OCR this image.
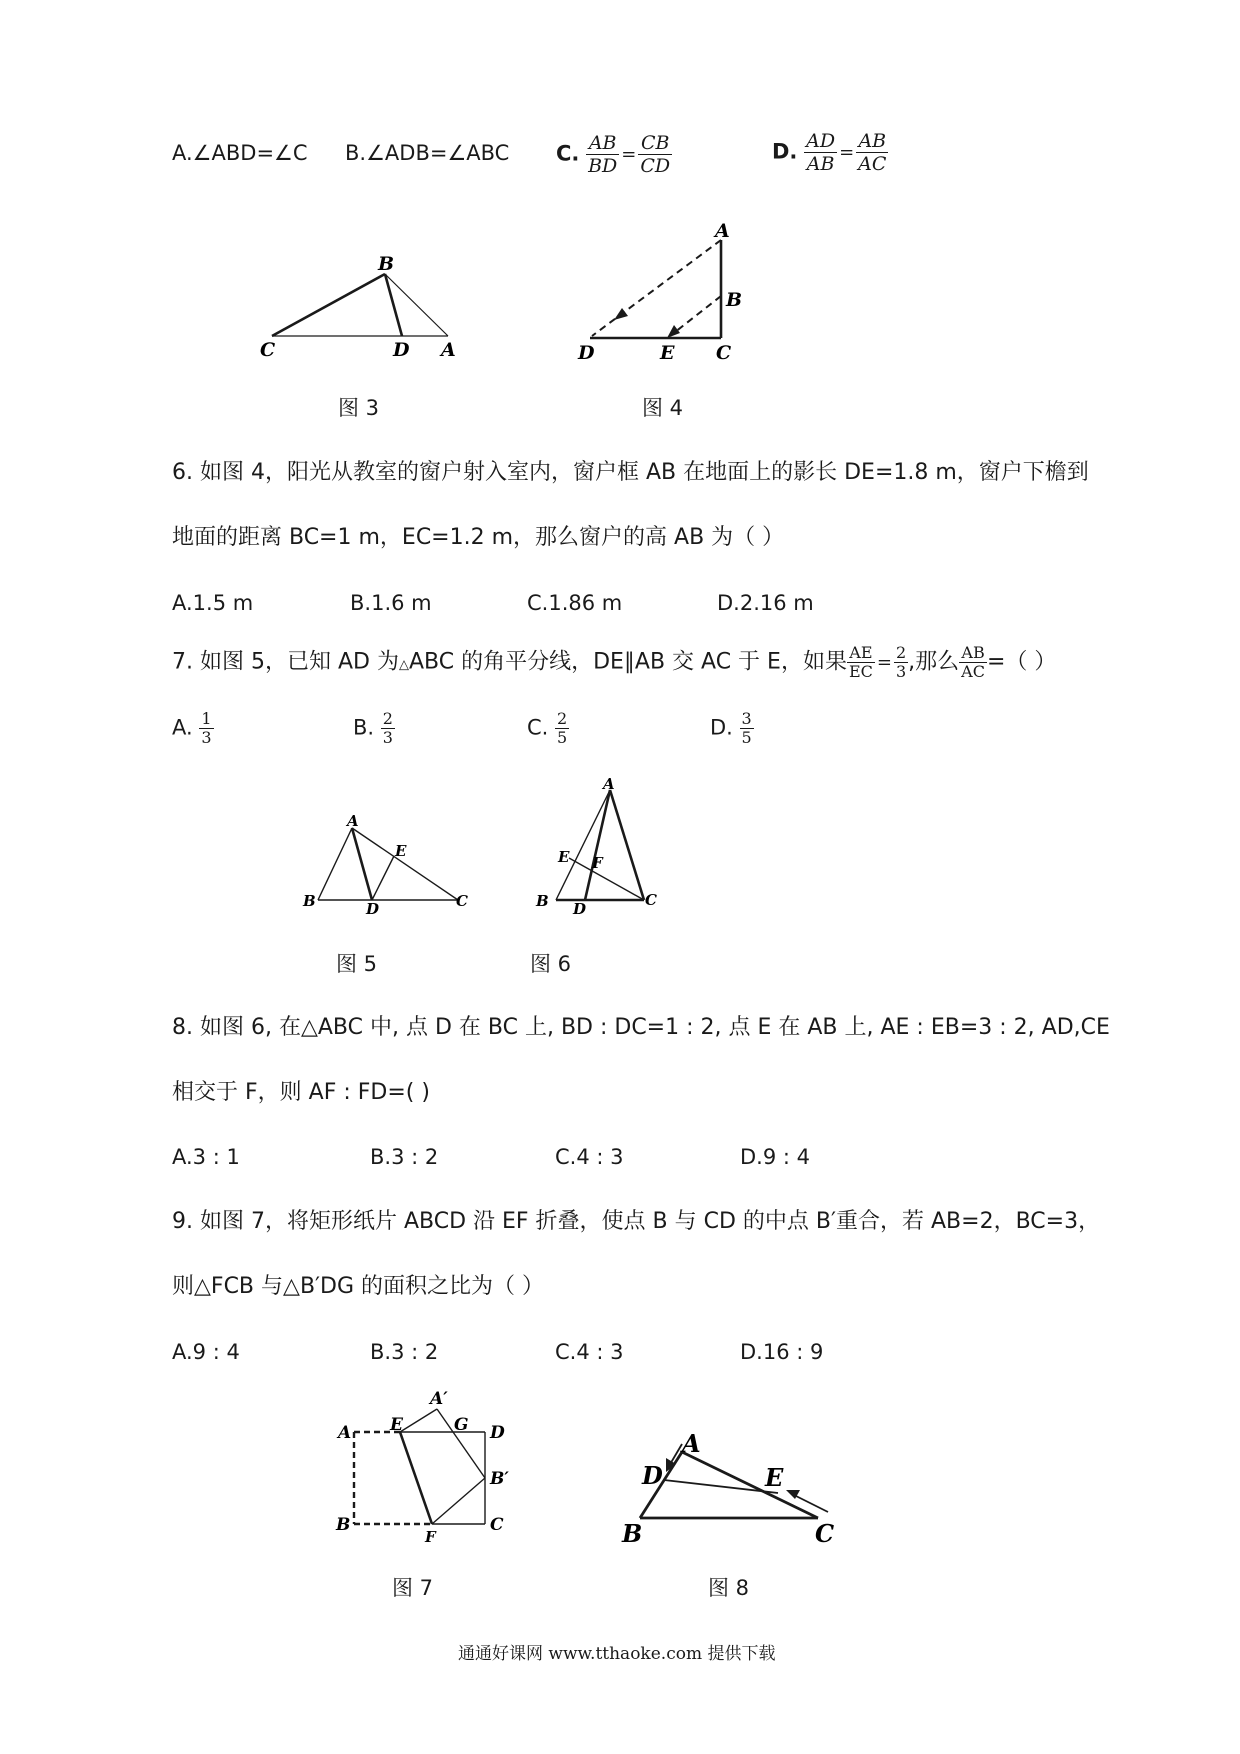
A.∠ABD=∠C B.∠ADB=∠ABC C. $\frac{AB}{BD} = \frac{CB}{CD}$	D. $\frac{AD}{AB} = \frac{AB}{AC}$
B
C	D A
图 3
A
B
C
D	E
图 4
6. 如图 4，阳光从教室的窗户射入室内，窗户框 AB 在地面上的影长 DE=1.8 m，窗户下檐到
地面的距离 BC=1 m，EC=1.2 m，那么窗户的高 AB 为（ ）
A.1.5 m	B.1.6 m	C.1.86 m	D.2.16 m
7. 如图 5，已知 AD 为△ABC 的角平分线，DE∥AB 交 AC 于 E，如果 $\frac{AE}{EC} = \frac{2}{3}$ ,那么 $\frac{AB}{AC}$ =（ ）
A. $\frac{1}{3}$	B. $\frac{2}{3}$	C. $\frac{2}{5}$	D. $\frac{3}{5}$
A
E
B	D	C
图 5
A
E F
B D	C
图 6
8. 如图 6, 在△ABC 中, 点 D 在 BC 上, BD : DC=1 : 2, 点 E 在 AB 上, AE : EB=3 : 2, AD,CE
相交于 F，则 AF : FD=( )
A.3 : 1	B.3 : 2	C.4 : 3	D.9 : 4
9. 如图 7，将矩形纸片 ABCD 沿 EF 折叠，使点 B 与 CD 的中点 B′重合，若 AB=2，BC=3，
则△FCB 与△B′DG 的面积之比为（ ）
A.9 : 4	B.3 : 2	C.4 : 3	D.16 : 9
A E
A′
G D
B′
B
F
C
图 7
A
D	E
B	C
图 8
通通好课网 www.tthaoke.com 提供下载
